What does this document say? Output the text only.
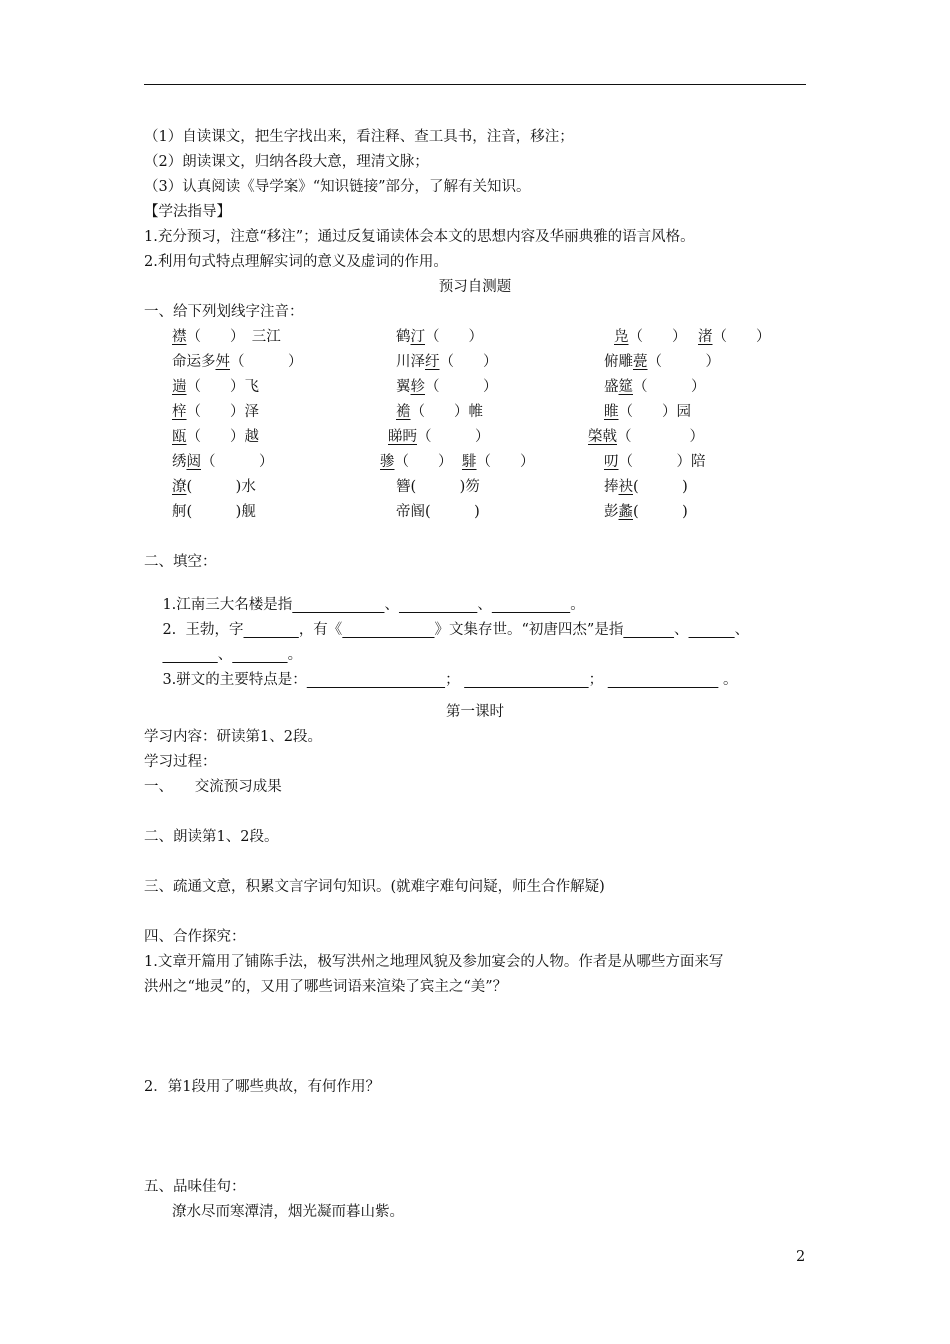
（1）自读课文，把生字找出来，看注释、查工具书，注音，移注；
（2）朗读课文，归纳各段大意，理清文脉；
（3）认真阅读《导学案》“知识链接”部分，了解有关知识。
【学法指导】
1.充分预习，注意“移注”；通过反复诵读体会本文的思想内容及华丽典雅的语言风格。
2.利用句式特点理解实词的意义及虚词的作用。
预习自测题
一、给下列划线字注音：
襟（　　）　三江	鹤汀（　　）	凫（　　） 渚（　　）
命运多舛（　　　）	川泽纡（　　）	俯雕甍（　　　）
遄（　　）飞	翼轸（　　　）	盛筵（　　　）
梓（　　）泽	襜（　　）帷	睢（　　）园
瓯（　　）越	睇眄（　　　）	棨戟（　　　　）
绣闼（　　　）	骖（　　） 騑（　　）	叨（　　　）陪
潦(　　　)水	簪(　　　)笏	捧袂(　　　)
舸(　　　)舰	帝阍(　　　)	彭蠡(　　　)
二、填空：

1.江南三大名楼是指	、	、	。

2.  王勃，字	，有《	》文集存世。“初唐四杰”是指	、	、

、	。

3.骈文的主要特点是：	；	；	。

第一课时
学习内容：研读第1、2段。
学习过程：
一、　　交流预习成果
二、朗读第1、2段。
三、疏通文意，积累文言字词句知识。(就难字难句问疑，师生合作解疑)
四、合作探究：
1.文章开篇用了铺陈手法，极写洪州之地理风貌及参加宴会的人物。作者是从哪些方面来写
洪州之“地灵”的，又用了哪些词语来渲染了宾主之“美”？
2．第1段用了哪些典故，有何作用？
五、品味佳句：
潦水尽而寒潭清，烟光凝而暮山紫。
2
